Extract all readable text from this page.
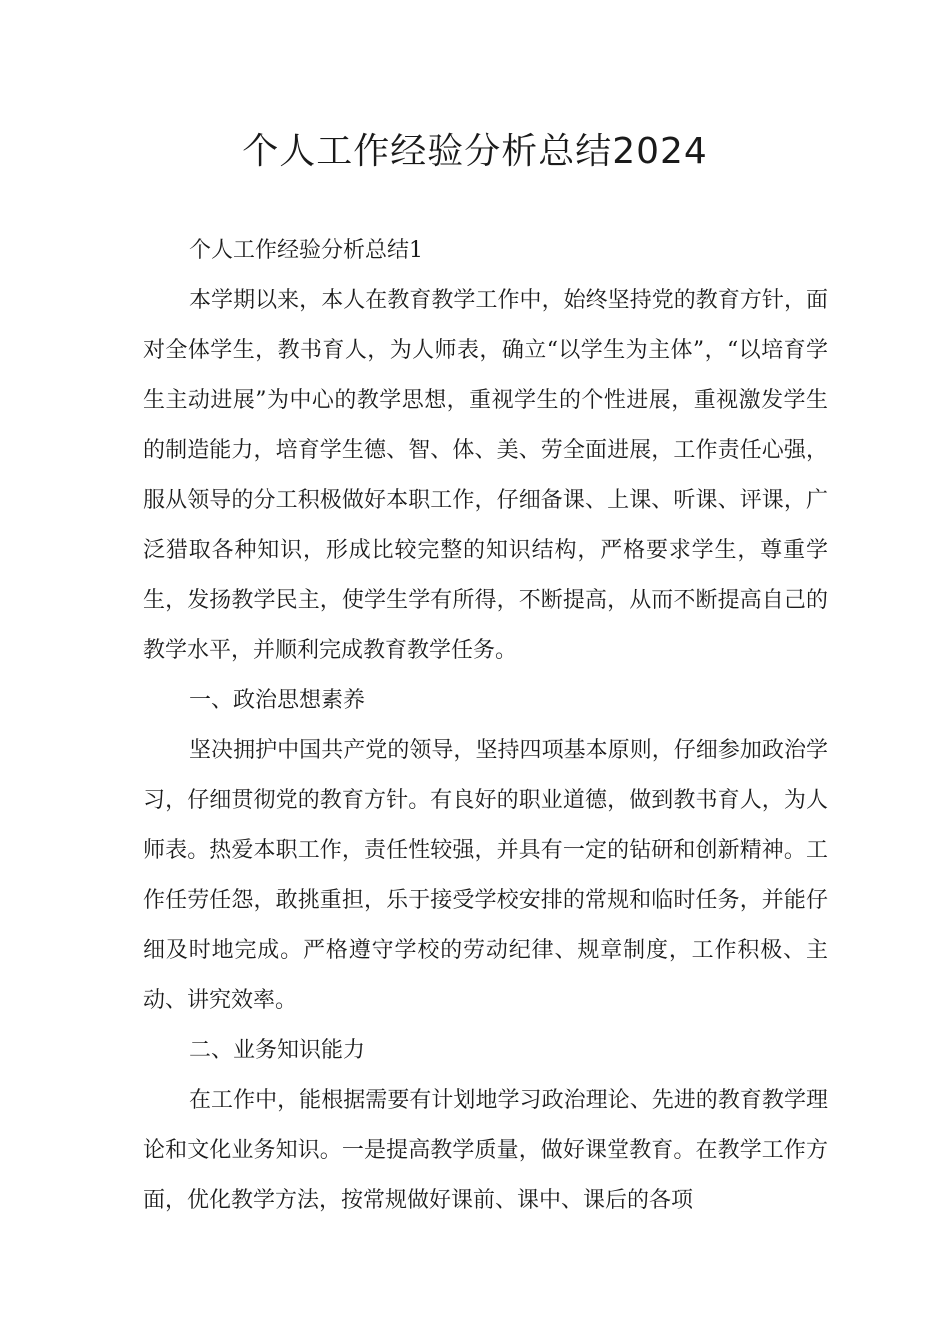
个人工作经验分析总结2024

个人工作经验分析总结1

本学期以来，本人在教育教学工作中，始终坚持党的教育方针，面对全体学生，教书育人，为人师表，确立“以学生为主体”，“以培育学生主动进展”为中心的教学思想，重视学生的个性进展，重视激发学生的制造能力，培育学生德、智、体、美、劳全面进展，工作责任心强，服从领导的分工积极做好本职工作，仔细备课、上课、听课、评课，广泛猎取各种知识，形成比较完整的知识结构，严格要求学生，尊重学生，发扬教学民主，使学生学有所得，不断提高，从而不断提高自己的教学水平，并顺利完成教育教学任务。

一、政治思想素养

坚决拥护中国共产党的领导，坚持四项基本原则，仔细参加政治学习，仔细贯彻党的教育方针。有良好的职业道德，做到教书育人，为人师表。热爱本职工作，责任性较强，并具有一定的钻研和创新精神。工作任劳任怨，敢挑重担，乐于接受学校安排的常规和临时任务，并能仔细及时地完成。严格遵守学校的劳动纪律、规章制度，工作积极、主动、讲究效率。

二、业务知识能力

在工作中，能根据需要有计划地学习政治理论、先进的教育教学理论和文化业务知识。一是提高教学质量，做好课堂教育。在教学工作方面，优化教学方法，按常规做好课前、课中、课后的各项
